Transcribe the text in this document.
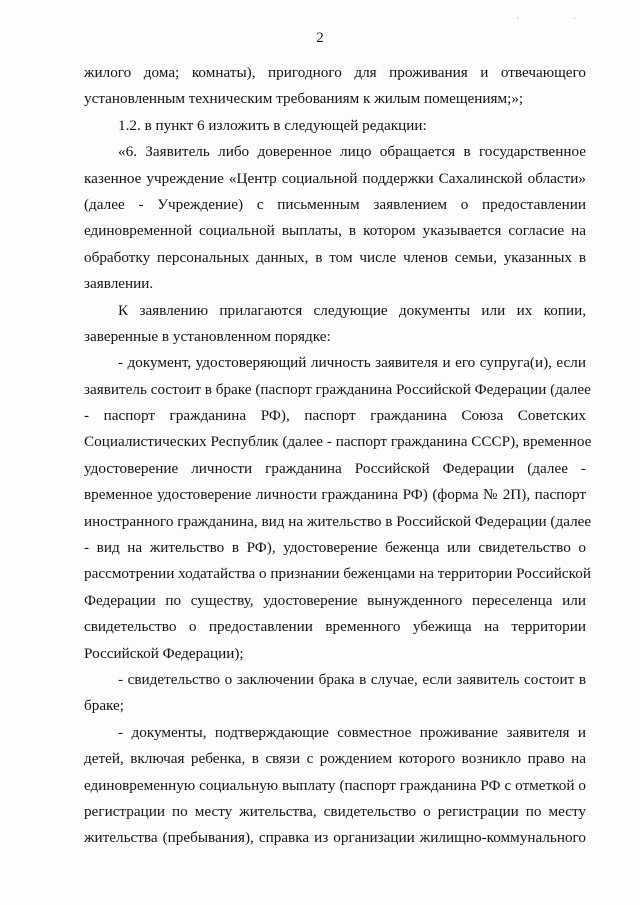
· ·
2
жилого дома; комнаты), пригодного для проживания и отвечающего
установленным техническим требованиям к жилым помещениям;»;
1.2. в пункт 6 изложить в следующей редакции:
«6. Заявитель либо доверенное лицо обращается в государственное
казенное учреждение «Центр социальной поддержки Сахалинской области»
(далее - Учреждение) с письменным заявлением о предоставлении
единовременной социальной выплаты, в котором указывается согласие на
обработку персональных данных, в том числе членов семьи, указанных в
заявлении.
К заявлению прилагаются следующие документы или их копии,
заверенные в установленном порядке:
- документ, удостоверяющий личность заявителя и его супруга(и), если
заявитель состоит в браке (паспорт гражданина Российской Федерации (далее
- паспорт гражданина РФ), паспорт гражданина Союза Советских
Социалистических Республик (далее - паспорт гражданина СССР), временное
удостоверение личности гражданина Российской Федерации (далее -
временное удостоверение личности гражданина РФ) (форма № 2П), паспорт
иностранного гражданина, вид на жительство в Российской Федерации (далее
- вид на жительство в РФ), удостоверение беженца или свидетельство о
рассмотрении ходатайства о признании беженцами на территории Российской
Федерации по существу, удостоверение вынужденного переселенца или
свидетельство о предоставлении временного убежища на территории
Российской Федерации);
- свидетельство о заключении брака в случае, если заявитель состоит в
браке;
- документы, подтверждающие совместное проживание заявителя и
детей, включая ребенка, в связи с рождением которого возникло право на
единовременную социальную выплату (паспорт гражданина РФ с отметкой о
регистрации по месту жительства, свидетельство о регистрации по месту
жительства (пребывания), справка из организации жилищно-коммунального
